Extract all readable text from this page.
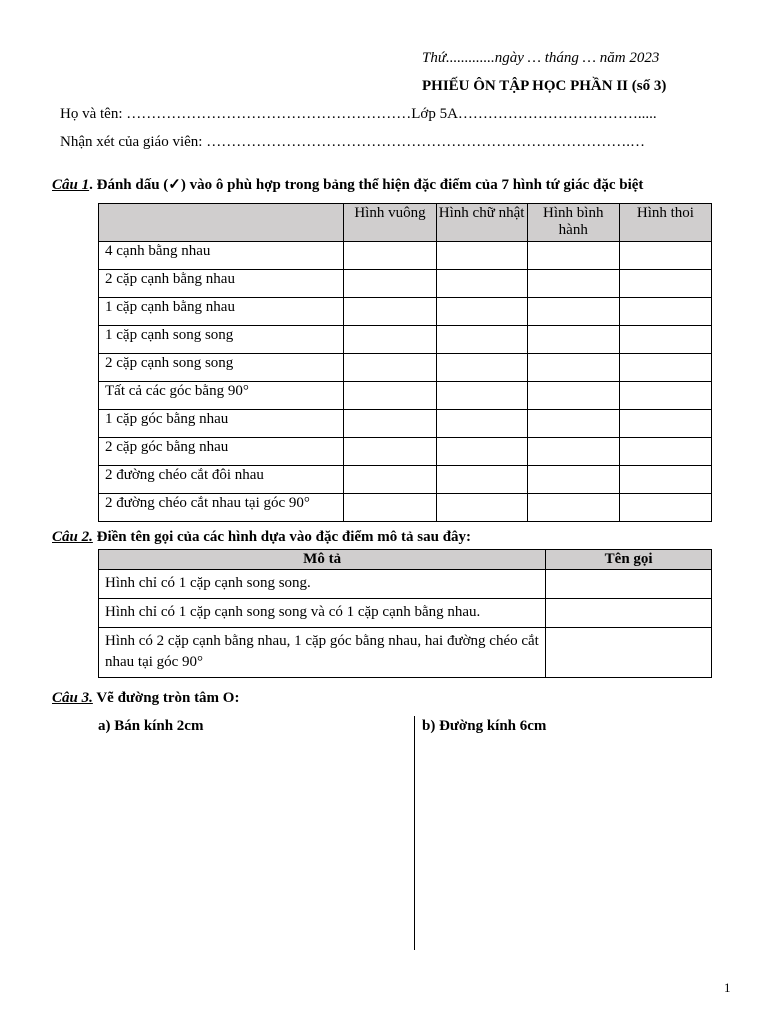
Thứ.............ngày … tháng … năm 2023
PHIẾU ÔN TẬP HỌC PHẦN II (số 3)
Họ và tên: …………………………………………………Lớp 5A……………………………….....
Nhận xét của giáo viên: ………………………………………………………………………….…
Câu 1. Đánh dấu (✓) vào ô phù hợp trong bảng thể hiện đặc điểm của 7 hình tứ giác đặc biệt
	Hình vuông	Hình chữ nhật	Hình bình hành	Hình thoi
4 cạnh bằng nhau				
2 cặp cạnh bằng nhau				
1 cặp cạnh bằng nhau				
1 cặp cạnh song song				
2 cặp cạnh song song				
Tất cả các góc bằng 90°				
1 cặp góc bằng nhau				
2 cặp góc bằng nhau				
2 đường chéo cắt đôi nhau				
2 đường chéo cắt nhau tại góc 90°				
Câu 2. Điền tên gọi của các hình dựa vào đặc điểm mô tả sau đây:
Mô tả	Tên gọi
Hình chỉ có 1 cặp cạnh song song.	
Hình chỉ có 1 cặp cạnh song song và có 1 cặp cạnh bằng nhau.	
Hình có 2 cặp cạnh bằng nhau, 1 cặp góc bằng nhau, hai đường chéo cắt nhau tại góc 90°	
Câu 3. Vẽ đường tròn tâm O:
a) Bán kính 2cm	b) Đường kính 6cm
1
